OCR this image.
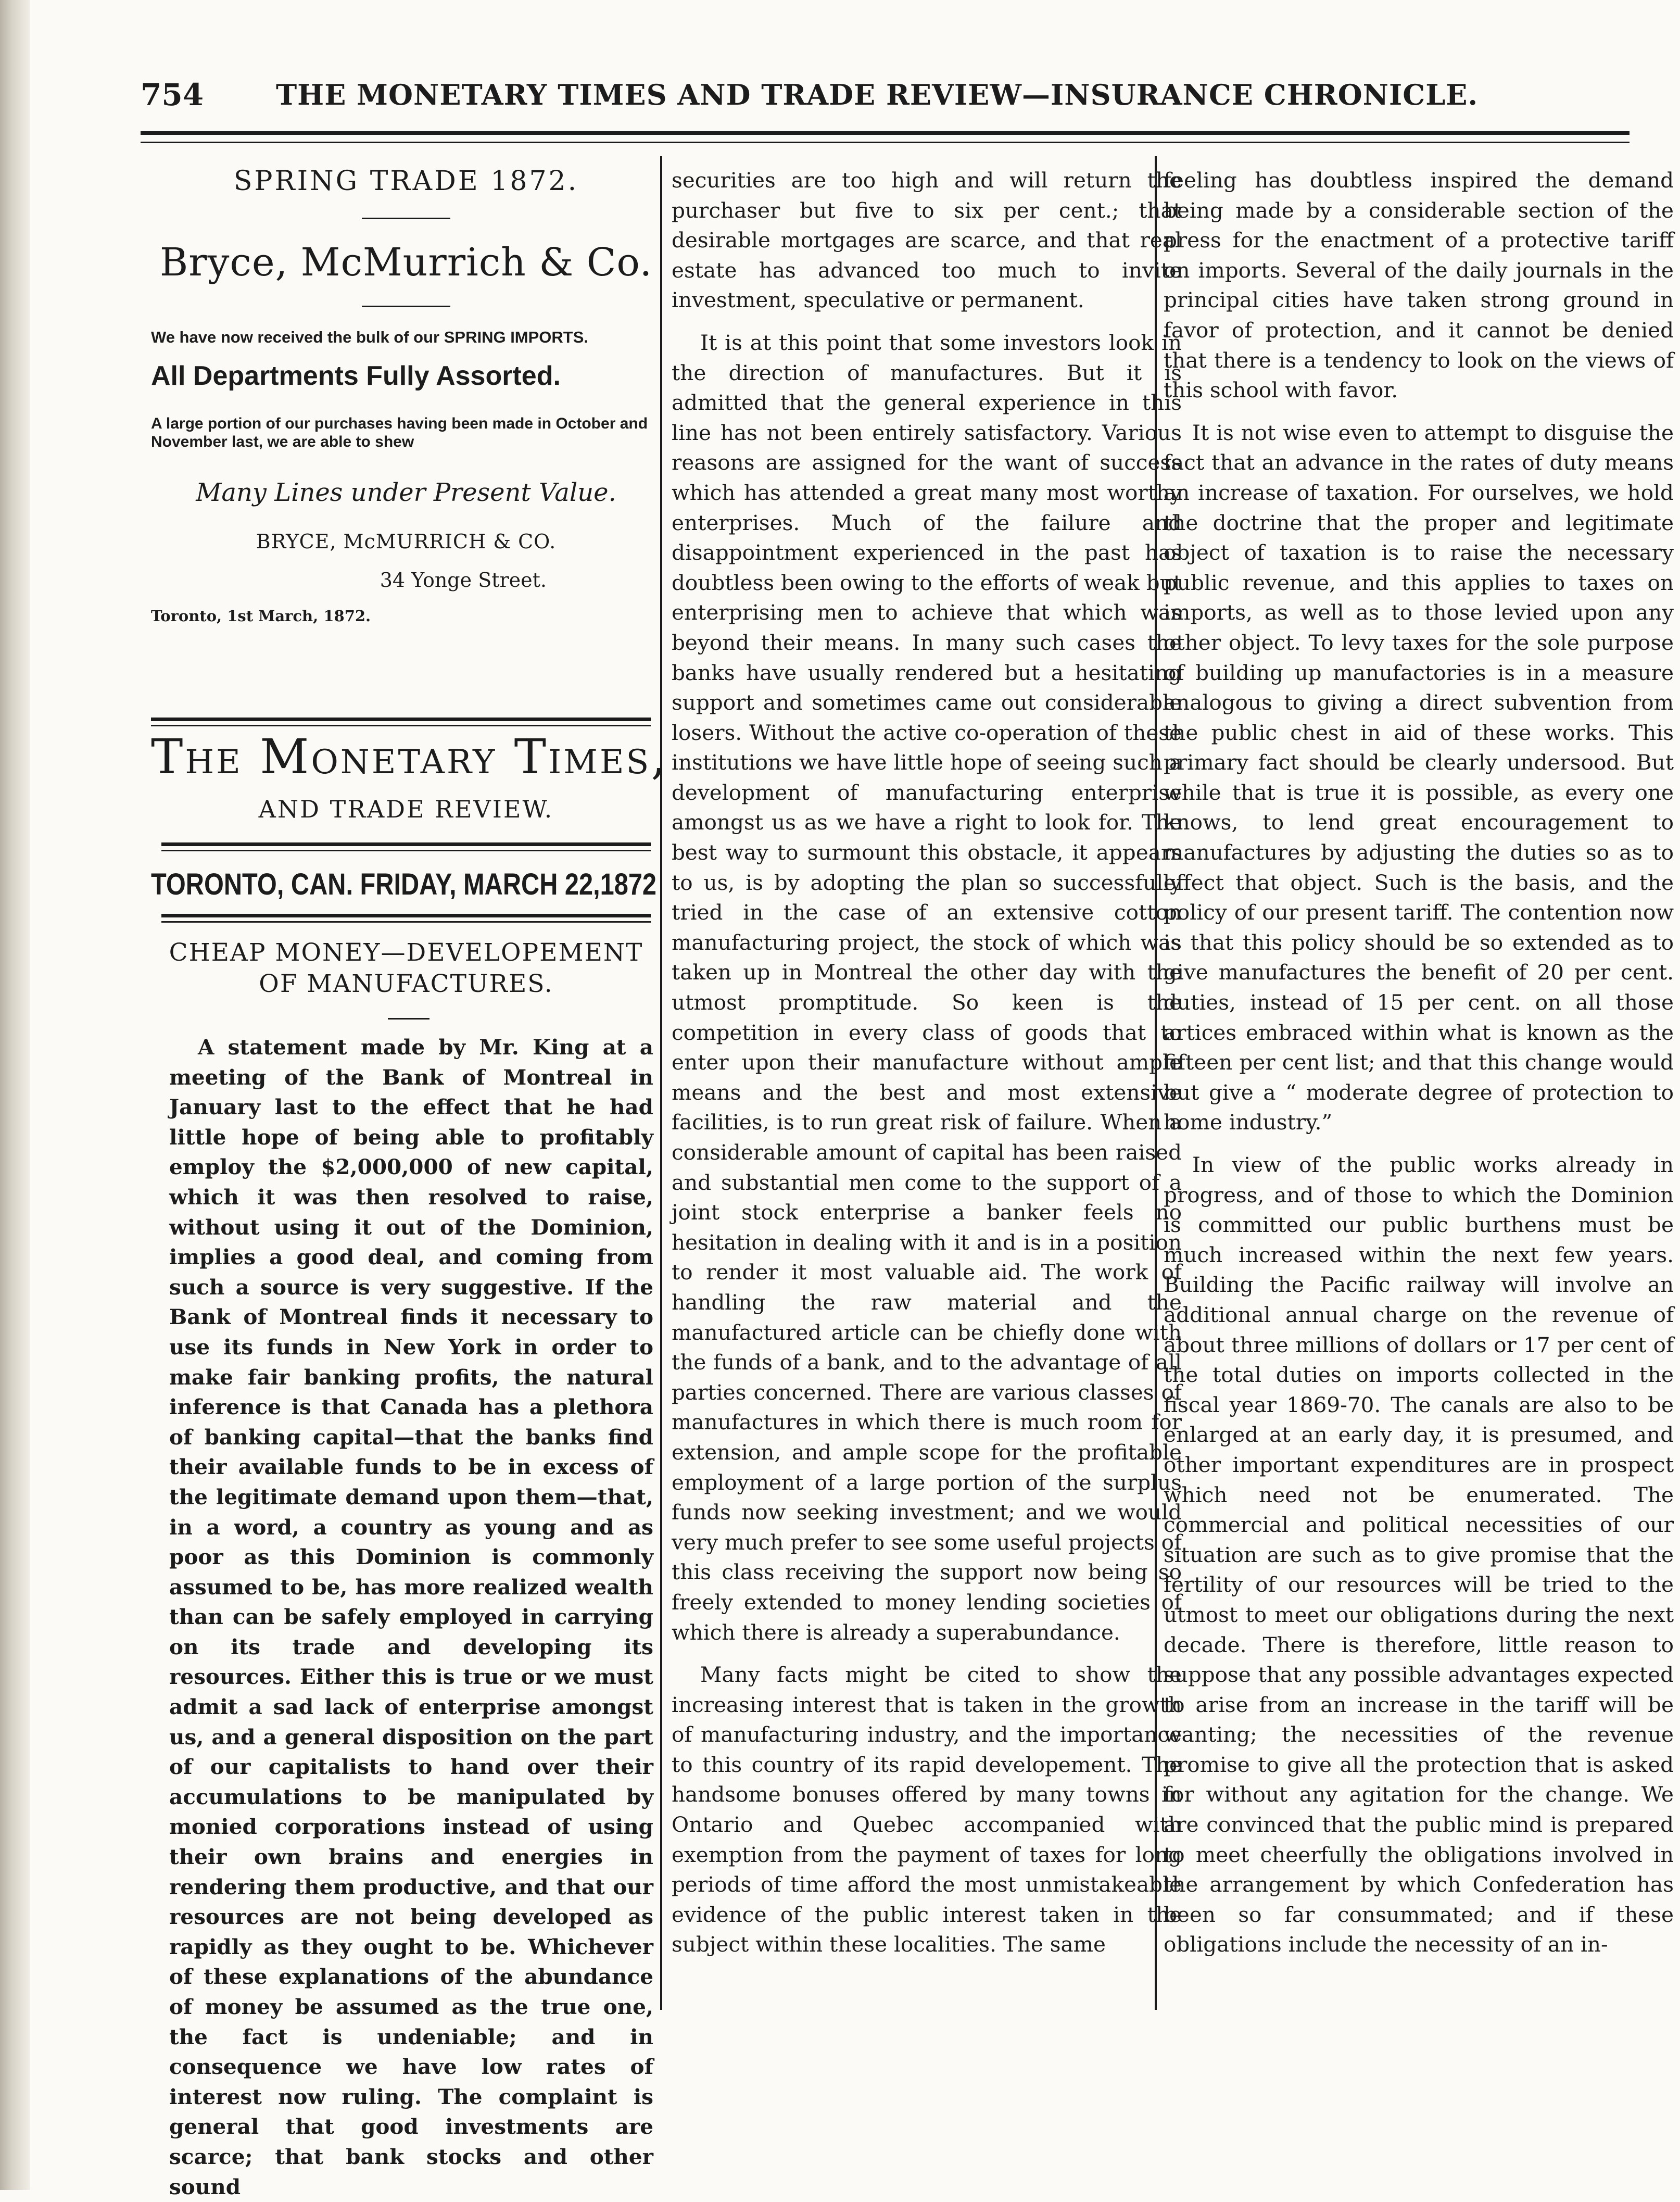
754	THE MONETARY TIMES AND TRADE REVIEW—INSURANCE CHRONICLE.
SPRING TRADE 1872.
Bryce, McMurrich & Co.
We have now received the bulk of our SPRING IMPORTS.
All Departments Fully Assorted.
A large portion of our purchases having been made in October and November last, we are able to shew
Many Lines under Present Value.
BRYCE, McMURRICH & CO.
34 Yonge Street.
Toronto, 1st March, 1872.
The Monetary Times,
AND TRADE REVIEW.
TORONTO, CAN. FRIDAY, MARCH 22,1872
CHEAP MONEY—DEVELOPEMENT
OF MANUFACTURES.

A statement made by Mr. King at a meeting of the Bank of Montreal in January last to the effect that he had little hope of being able to profitably employ the $2,000,000 of new capital, which it was then resolved to raise, without using it out of the Dominion, implies a good deal, and coming from such a source is very suggestive. If the Bank of Montreal finds it necessary to use its funds in New York in order to make fair banking profits, the natural inference is that Canada has a plethora of banking capital—that the banks find their available funds to be in excess of the legitimate demand upon them—that, in a word, a country as young and as poor as this Dominion is commonly assumed to be, has more realized wealth than can be safely employed in carrying on its trade and developing its resources. Either this is true or we must admit a sad lack of enterprise amongst us, and a general disposition on the part of our capitalists to hand over their accumulations to be manipulated by monied corporations instead of using their own brains and energies in rendering them productive, and that our resources are not being developed as rapidly as they ought to be. Whichever of these explanations of the abundance of money be assumed as the true one, the fact is undeniable; and in consequence we have low rates of interest now ruling. The complaint is general that good investments are scarce; that bank stocks and other sound

securities are too high and will return the purchaser but five to six per cent.; that desirable mortgages are scarce, and that real estate has advanced too much to invite investment, speculative or permanent.

It is at this point that some investors look in the direction of manufactures. But it is admitted that the general experience in this line has not been entirely satisfactory. Various reasons are assigned for the want of success which has attended a great many most worthy enterprises. Much of the failure and disappointment experienced in the past has doubtless been owing to the efforts of weak but enterprising men to achieve that which was beyond their means. In many such cases the banks have usually rendered but a hesitating support and sometimes came out considerable losers. Without the active co-operation of these institutions we have little hope of seeing such a development of manufacturing enterprise amongst us as we have a right to look for. The best way to surmount this obstacle, it appears to us, is by adopting the plan so successfully tried in the case of an extensive cotton manufacturing project, the stock of which was taken up in Montreal the other day with the utmost promptitude. So keen is the competition in every class of goods that to enter upon their manufacture without ample means and the best and most extensive facilities, is to run great risk of failure. When a considerable amount of capital has been raised and substantial men come to the support of a joint stock enterprise a banker feels no hesitation in dealing with it and is in a position to render it most valuable aid. The work of handling the raw material and the manufactured article can be chiefly done with the funds of a bank, and to the advantage of all parties concerned. There are various classes of manufactures in which there is much room for extension, and ample scope for the profitable employment of a large portion of the surplus funds now seeking investment; and we would very much prefer to see some useful projects of this class receiving the support now being so freely extended to money lending societies of which there is already a superabundance.

Many facts might be cited to show the increasing interest that is taken in the growth of manufacturing industry, and the importance to this country of its rapid developement. The handsome bonuses offered by many towns in Ontario and Quebec accompanied with exemption from the payment of taxes for long periods of time afford the most unmistakeable evidence of the public interest taken in the subject within these localities. The same

feeling has doubtless inspired the demand being made by a considerable section of the press for the enactment of a protective tariff on imports. Several of the daily journals in the principal cities have taken strong ground in favor of protection, and it cannot be denied that there is a tendency to look on the views of this school with favor.

It is not wise even to attempt to disguise the fact that an advance in the rates of duty means an increase of taxation. For ourselves, we hold the doctrine that the proper and legitimate object of taxation is to raise the necessary public revenue, and this applies to taxes on imports, as well as to those levied upon any other object. To levy taxes for the sole purpose of building up manufactories is in a measure analogous to giving a direct subvention from the public chest in aid of these works. This primary fact should be clearly undersood. But while that is true it is possible, as every one knows, to lend great encouragement to manufactures by adjusting the duties so as to effect that object. Such is the basis, and the policy of our present tariff. The contention now is that this policy should be so extended as to give manufactures the benefit of 20 per cent. duties, instead of 15 per cent. on all those artices embraced within what is known as the fifteen per cent list; and that this change would but give a “ moderate degree of protection to home industry.”

In view of the public works already in progress, and of those to which the Dominion is committed our public burthens must be much increased within the next few years. Building the Pacific railway will involve an additional annual charge on the revenue of about three millions of dollars or 17 per cent of the total duties on imports collected in the fiscal year 1869-70. The canals are also to be enlarged at an early day, it is presumed, and other important expenditures are in prospect which need not be enumerated. The commercial and political necessities of our situation are such as to give promise that the fertility of our resources will be tried to the utmost to meet our obligations during the next decade. There is therefore, little reason to suppose that any possible advantages expected to arise from an increase in the tariff will be wanting; the necessities of the revenue promise to give all the protection that is asked for without any agitation for the change. We are convinced that the public mind is prepared to meet cheerfully the obligations involved in the arrangement by which Confederation has been so far consummated; and if these obligations include the necessity of an in-
